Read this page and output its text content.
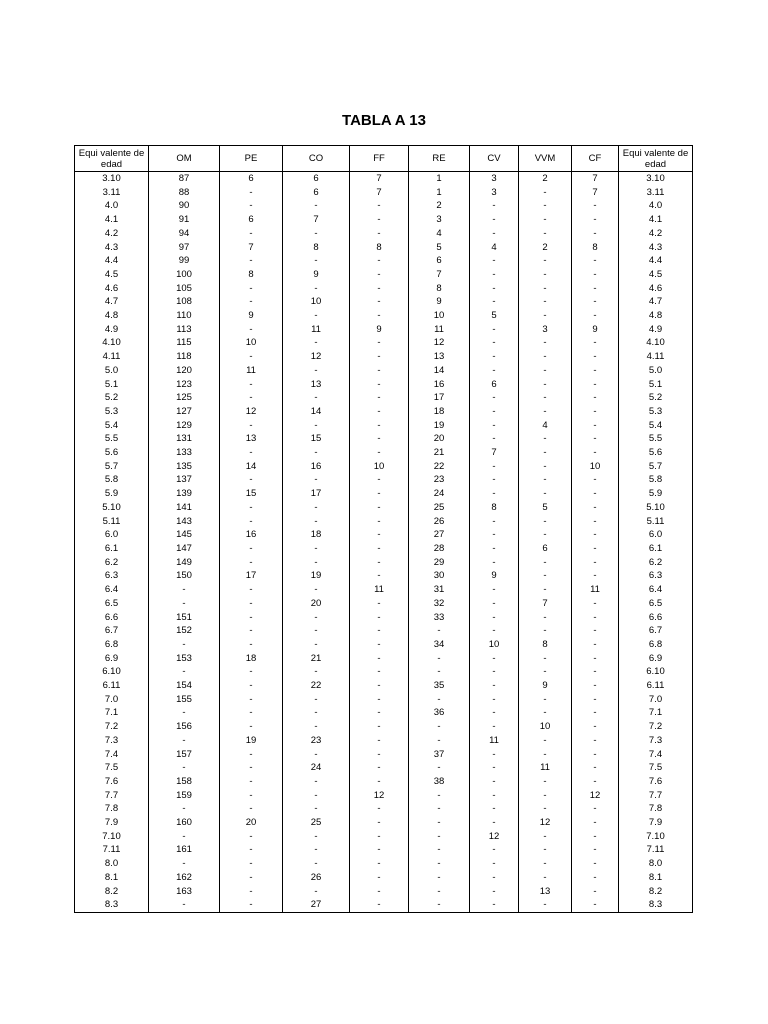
TABLA A 13
Equi valente de edad	OM	PE	CO	FF	RE	CV	VVM	CF	Equi valente de edad
3.10	87	6	6	7	1	3	2	7	3.10
3.11	88	-	6	7	1	3	-	7	3.11
4.0	90	-	-	-	2	-	-	-	4.0
4.1	91	6	7	-	3	-	-	-	4.1
4.2	94	-	-	-	4	-	-	-	4.2
4.3	97	7	8	8	5	4	2	8	4.3
4.4	99	-	-	-	6	-	-	-	4.4
4.5	100	8	9	-	7	-	-	-	4.5
4.6	105	-	-	-	8	-	-	-	4.6
4.7	108	-	10	-	9	-	-	-	4.7
4.8	110	9	-	-	10	5	-	-	4.8
4.9	113	-	11	9	11	-	3	9	4.9
4.10	115	10	-	-	12	-	-	-	4.10
4.11	118	-	12	-	13	-	-	-	4.11
5.0	120	11	-	-	14	-	-	-	5.0
5.1	123	-	13	-	16	6	-	-	5.1
5.2	125	-	-	-	17	-	-	-	5.2
5.3	127	12	14	-	18	-	-	-	5.3
5.4	129	-	-	-	19	-	4	-	5.4
5.5	131	13	15	-	20	-	-	-	5.5
5.6	133	-	-	-	21	7	-	-	5.6
5.7	135	14	16	10	22	-	-	10	5.7
5.8	137	-	-	-	23	-	-	-	5.8
5.9	139	15	17	-	24	-	-	-	5.9
5.10	141	-	-	-	25	8	5	-	5.10
5.11	143	-	-	-	26	-	-	-	5.11
6.0	145	16	18	-	27	-	-	-	6.0
6.1	147	-	-	-	28	-	6	-	6.1
6.2	149	-	-	-	29	-	-	-	6.2
6.3	150	17	19	-	30	9	-	-	6.3
6.4	-	-	-	11	31	-	-	11	6.4
6.5	-	-	20	-	32	-	7	-	6.5
6.6	151	-	-	-	33	-	-	-	6.6
6.7	152	-	-	-	-	-	-	-	6.7
6.8	-	-	-	-	34	10	8	-	6.8
6.9	153	18	21	-	-	-	-	-	6.9
6.10	-	-	-	-	-	-	-	-	6.10
6.11	154	-	22	-	35	-	9	-	6.11
7.0	155	-	-	-	-	-	-	-	7.0
7.1	-	-	-	-	36	-	-	-	7.1
7.2	156	-	-	-	-	-	10	-	7.2
7.3	-	19	23	-	-	11	-	-	7.3
7.4	157	-	-	-	37	-	-	-	7.4
7.5	-	-	24	-	-	-	11	-	7.5
7.6	158	-	-	-	38	-	-	-	7.6
7.7	159	-	-	12	-	-	-	12	7.7
7.8	-	-	-	-	-	-	-	-	7.8
7.9	160	20	25	-	-	-	12	-	7.9
7.10	-	-	-	-	-	12	-	-	7.10
7.11	161	-	-	-	-	-	-	-	7.11
8.0	-	-	-	-	-	-	-	-	8.0
8.1	162	-	26	-	-	-	-	-	8.1
8.2	163	-	-	-	-	-	13	-	8.2
8.3	-	-	27	-	-	-	-	-	8.3
